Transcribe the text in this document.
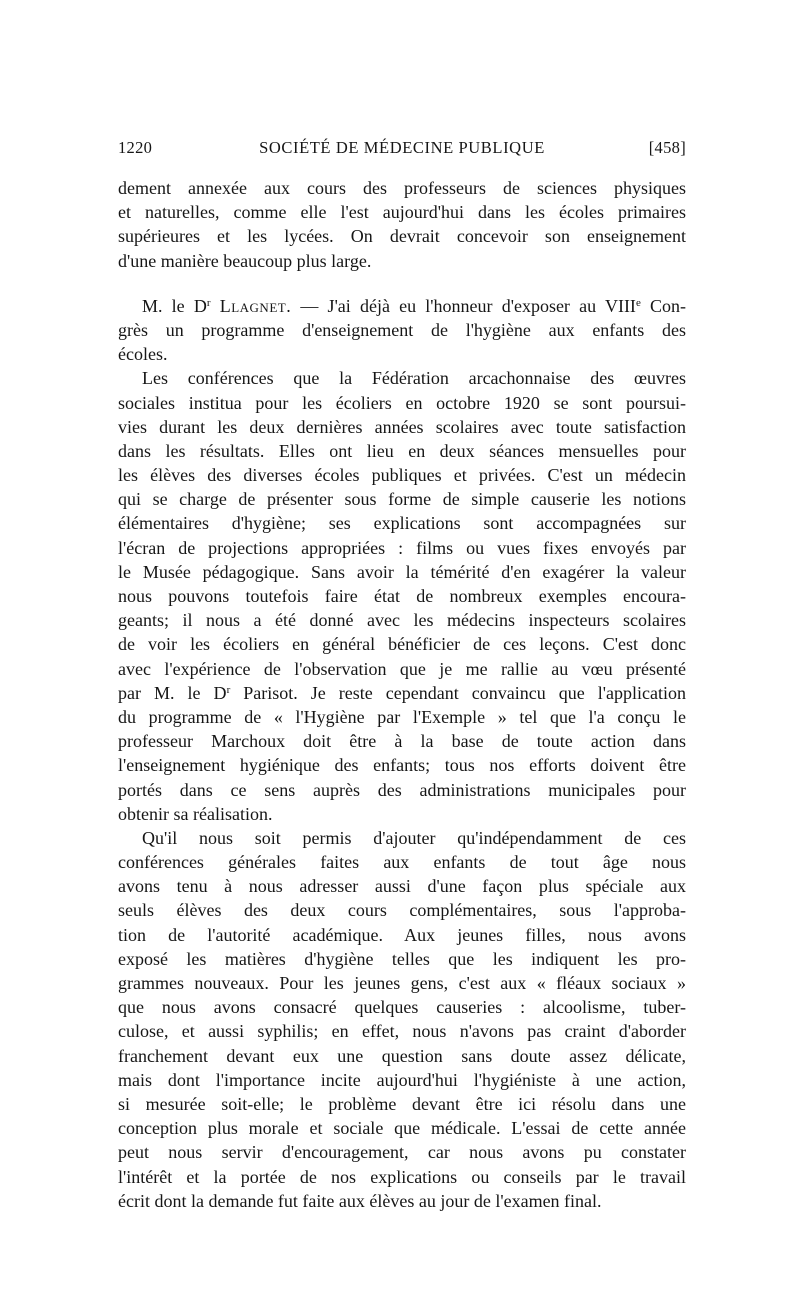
1220	SOCIÉTÉ DE MÉDECINE PUBLIQUE	[458]
dement annexée aux cours des professeurs de sciences physiques
et naturelles, comme elle l'est aujourd'hui dans les écoles primaires
supérieures et les lycées. On devrait concevoir son enseignement
d'une manière beaucoup plus large.
M. le $D^r$ Llagnet. — J'ai déjà eu l'honneur d'exposer au VIIIe Con-
grès un programme d'enseignement de l'hygiène aux enfants des
écoles.
Les conférences que la Fédération arcachonnaise des œuvres
sociales institua pour les écoliers en octobre 1920 se sont poursui-
vies durant les deux dernières années scolaires avec toute satisfaction
dans les résultats. Elles ont lieu en deux séances mensuelles pour
les élèves des diverses écoles publiques et privées. C'est un médecin
qui se charge de présenter sous forme de simple causerie les notions
élémentaires d'hygiène; ses explications sont accompagnées sur
l'écran de projections appropriées : films ou vues fixes envoyés par
le Musée pédagogique. Sans avoir la témérité d'en exagérer la valeur
nous pouvons toutefois faire état de nombreux exemples encoura-
geants; il nous a été donné avec les médecins inspecteurs scolaires
de voir les écoliers en général bénéficier de ces leçons. C'est donc
avec l'expérience de l'observation que je me rallie au vœu présenté
par M. le $D^r$ Parisot. Je reste cependant convaincu que l'application
du programme de « l'Hygiène par l'Exemple » tel que l'a conçu le
professeur Marchoux doit être à la base de toute action dans
l'enseignement hygiénique des enfants; tous nos efforts doivent être
portés dans ce sens auprès des administrations municipales pour
obtenir sa réalisation.
Qu'il nous soit permis d'ajouter qu'indépendamment de ces
conférences générales faites aux enfants de tout âge nous
avons tenu à nous adresser aussi d'une façon plus spéciale aux
seuls élèves des deux cours complémentaires, sous l'approba-
tion de l'autorité académique. Aux jeunes filles, nous avons
exposé les matières d'hygiène telles que les indiquent les pro-
grammes nouveaux. Pour les jeunes gens, c'est aux « fléaux sociaux »
que nous avons consacré quelques causeries : alcoolisme, tuber-
culose, et aussi syphilis; en effet, nous n'avons pas craint d'aborder
franchement devant eux une question sans doute assez délicate,
mais dont l'importance incite aujourd'hui l'hygiéniste à une action,
si mesurée soit-elle; le problème devant être ici résolu dans une
conception plus morale et sociale que médicale. L'essai de cette année
peut nous servir d'encouragement, car nous avons pu constater
l'intérêt et la portée de nos explications ou conseils par le travail
écrit dont la demande fut faite aux élèves au jour de l'examen final.
